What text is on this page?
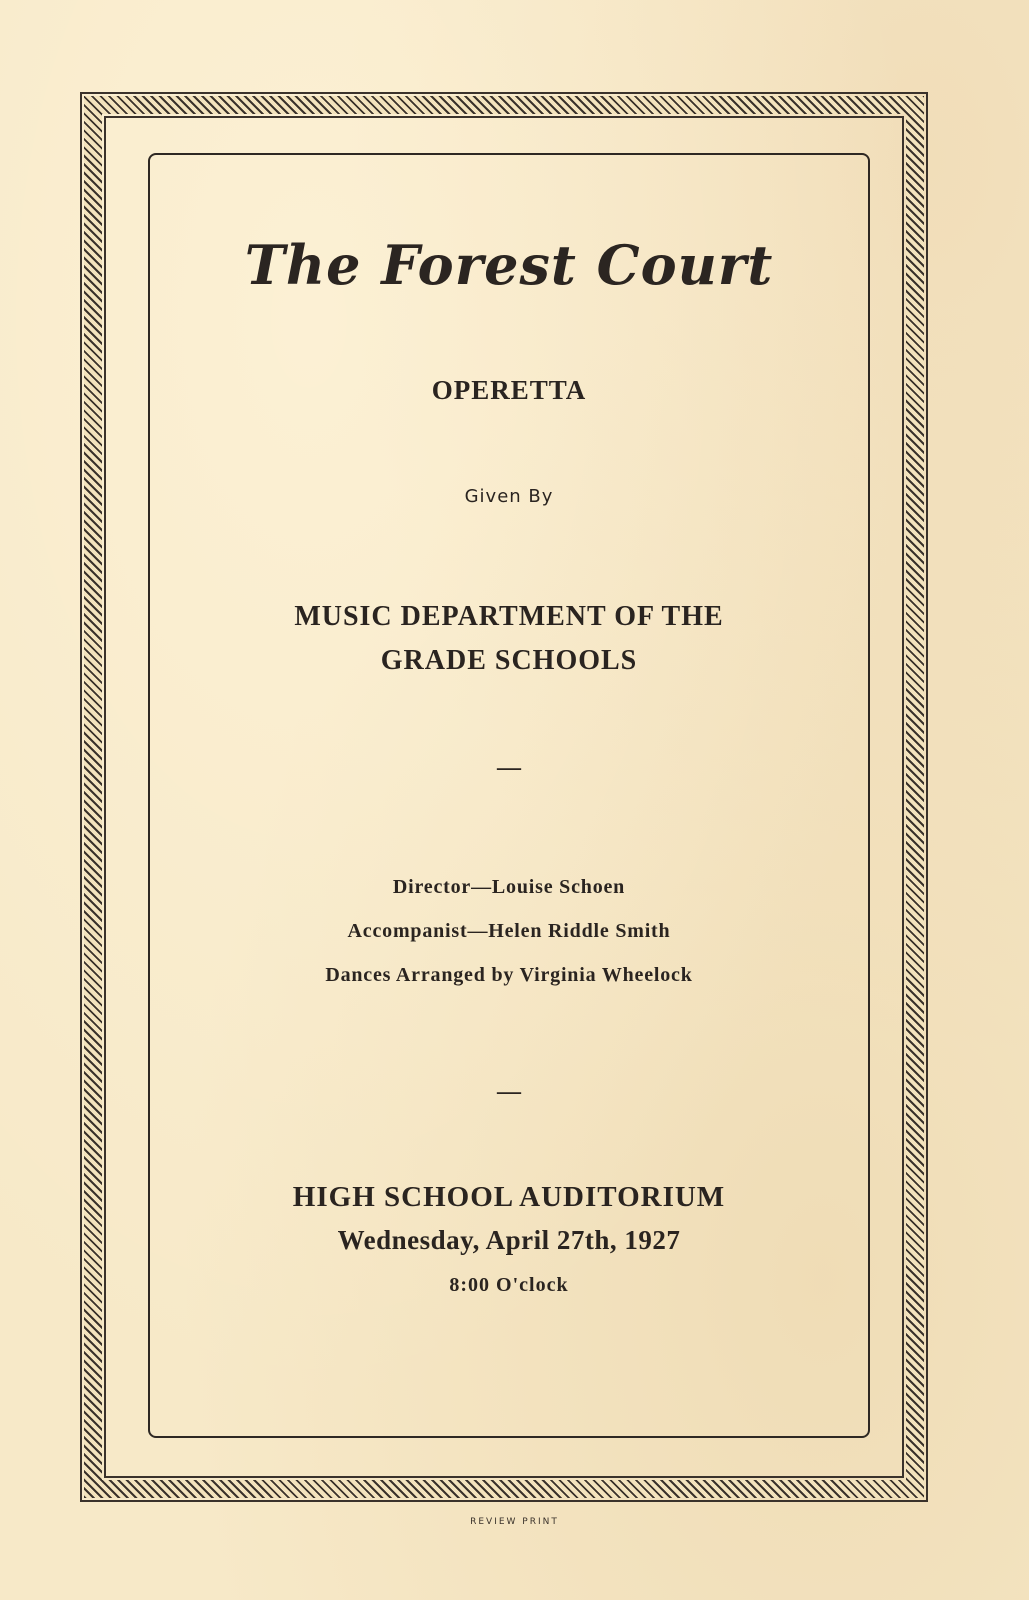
The Forest Court
OPERETTA
Given By
MUSIC DEPARTMENT OF THE
GRADE SCHOOLS
—
Director—Louise Schoen
Accompanist—Helen Riddle Smith
Dances Arranged by Virginia Wheelock
—
HIGH SCHOOL AUDITORIUM
Wednesday, April 27th, 1927
8:00 O'clock
REVIEW PRINT
